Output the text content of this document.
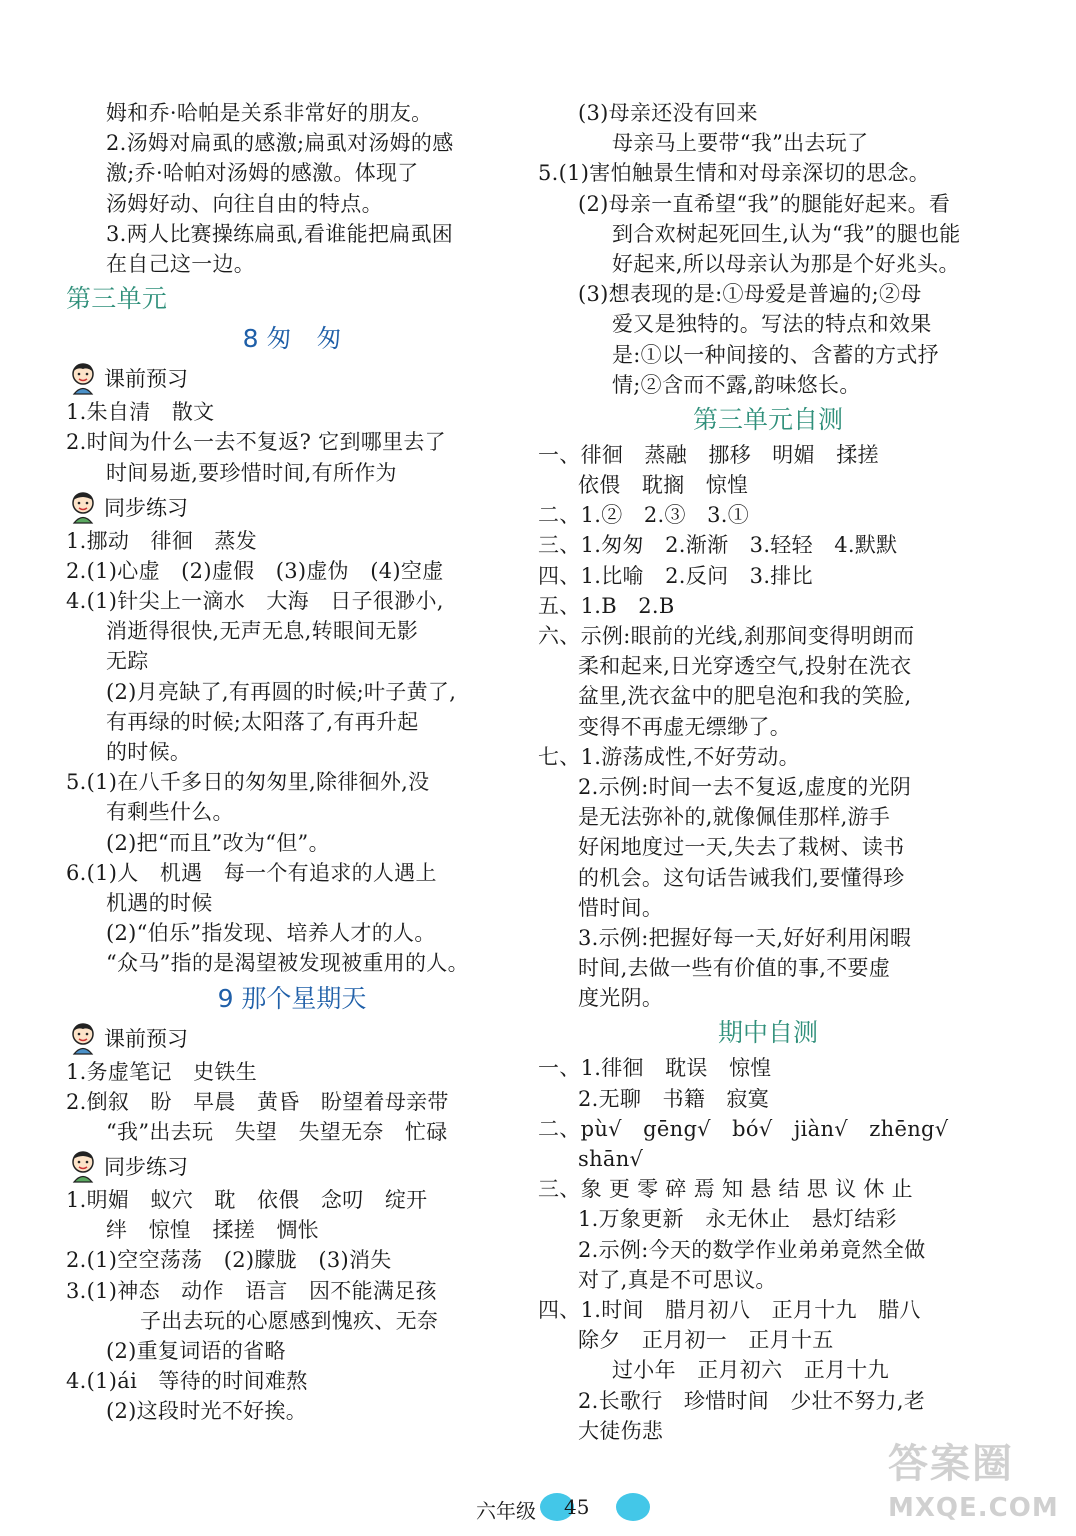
姆和乔·哈帕是关系非常好的朋友。
2.汤姆对扁虱的感激;扁虱对汤姆的感
激;乔·哈帕对汤姆的感激。体现了
汤姆好动、向往自由的特点。
3.两人比赛操练扁虱,看谁能把扁虱困
在自己这一边。
第三单元
8 匆　匆
课前预习
1.朱自清　散文
2.时间为什么一去不复返? 它到哪里去了
时间易逝,要珍惜时间,有所作为
同步练习
1.挪动　徘徊　蒸发
2.(1)心虚　(2)虚假　(3)虚伪　(4)空虚
4.(1)针尖上一滴水　大海　日子很渺小,
消逝得很快,无声无息,转眼间无影
无踪
(2)月亮缺了,有再圆的时候;叶子黄了,
有再绿的时候;太阳落了,有再升起
的时候。
5.(1)在八千多日的匆匆里,除徘徊外,没
有剩些什么。
(2)把“而且”改为“但”。
6.(1)人　机遇　每一个有追求的人遇上
机遇的时候
(2)“伯乐”指发现、培养人才的人。
“众马”指的是渴望被发现被重用的人。
9 那个星期天
课前预习
1.务虚笔记　史铁生
2.倒叙　盼　早晨　黄昏　盼望着母亲带
“我”出去玩　失望　失望无奈　忙碌
同步练习
1.明媚　蚁穴　耽　依偎　念叨　绽开
绊　惊惶　揉搓　惆怅
2.(1)空空荡荡　(2)朦胧　(3)消失
3.(1)神态　动作　语言　因不能满足孩
子出去玩的心愿感到愧疚、无奈
(2)重复词语的省略
4.(1)ái　等待的时间难熬
(2)这段时光不好挨。
(3)母亲还没有回来
母亲马上要带“我”出去玩了
5.(1)害怕触景生情和对母亲深切的思念。
(2)母亲一直希望“我”的腿能好起来。看
到合欢树起死回生,认为“我”的腿也能
好起来,所以母亲认为那是个好兆头。
(3)想表现的是:①母爱是普遍的;②母
爱又是独特的。写法的特点和效果
是:①以一种间接的、含蓄的方式抒
情;②含而不露,韵味悠长。
第三单元自测
一、徘徊　蒸融　挪移　明媚　揉搓
依偎　耽搁　惊惶
二、1.②　2.③　3.①
三、1.匆匆　2.渐渐　3.轻轻　4.默默
四、1.比喻　2.反问　3.排比
五、1.B　2.B
六、示例:眼前的光线,刹那间变得明朗而
柔和起来,日光穿透空气,投射在洗衣
盆里,洗衣盆中的肥皂泡和我的笑脸,
变得不再虚无缥缈了。
七、1.游荡成性,不好劳动。
2.示例:时间一去不复返,虚度的光阴
是无法弥补的,就像佩佳那样,游手
好闲地度过一天,失去了栽树、读书
的机会。这句话告诫我们,要懂得珍
惜时间。
3.示例:把握好每一天,好好利用闲暇
时间,去做一些有价值的事,不要虚
度光阴。
期中自测
一、1.徘徊　耽误　惊惶
2.无聊　书籍　寂寞
二、pù√　gēng√　bó√　jiàn√　zhēng√
shān√
三、象 更 零 碎 焉 知 悬 结 思 议 休 止
1.万象更新　永无休止　悬灯结彩
2.示例:今天的数学作业弟弟竟然全做
对了,真是不可思议。
四、1.时间　腊月初八　正月十九　腊八
除夕　正月初一　正月十五
过小年　正月初六　正月十九
2.长歌行　珍惜时间　少壮不努力,老
大徒伤悲
六年级 45
答案圈
MXQE.COM
